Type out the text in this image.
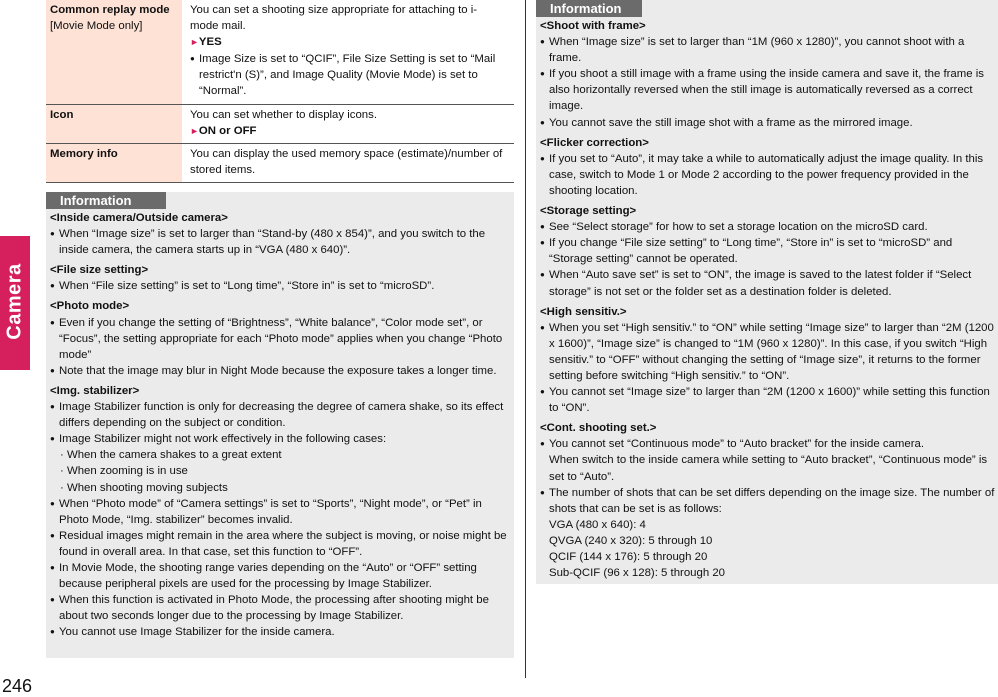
Camera
246
Common replay mode
[Movie Mode only]	You can set a shooting size appropriate for attaching to i-mode mail.
►YES
● Image Size is set to “QCIF”, File Size Setting is set to “Mail restrict'n (S)”, and Image Quality (Movie Mode) is set to “Normal”.

Icon	You can set whether to display icons.
►ON or OFF

Memory info	You can display the used memory space (estimate)/number of stored items.
Information
<Inside camera/Outside camera>
● When “Image size” is set to larger than “Stand-by (480 x 854)”, and you switch to the inside camera, the camera starts up in “VGA (480 x 640)”.
<File size setting>
● When “File size setting” is set to “Long time”, “Store in” is set to “microSD”.
<Photo mode>
● Even if you change the setting of “Brightness”, “White balance”, “Color mode set”, or “Focus”, the setting appropriate for each “Photo mode” applies when you change “Photo mode”
● Note that the image may blur in Night Mode because the exposure takes a longer time.
<Img. stabilizer>
● Image Stabilizer function is only for decreasing the degree of camera shake, so its effect differs depending on the subject or condition.
● Image Stabilizer might not work effectively in the following cases:
· When the camera shakes to a great extent
· When zooming is in use
· When shooting moving subjects
● When “Photo mode” of “Camera settings” is set to “Sports”, “Night mode”, or “Pet” in Photo Mode, “Img. stabilizer” becomes invalid.
● Residual images might remain in the area where the subject is moving, or noise might be found in overall area. In that case, set this function to “OFF”.
● In Movie Mode, the shooting range varies depending on the “Auto” or “OFF” setting because peripheral pixels are used for the processing by Image Stabilizer.
● When this function is activated in Photo Mode, the processing after shooting might be about two seconds longer due to the processing by Image Stabilizer.
● You cannot use Image Stabilizer for the inside camera.
Information
<Shoot with frame>
● When “Image size” is set to larger than “1M (960 x 1280)”, you cannot shoot with a frame.
● If you shoot a still image with a frame using the inside camera and save it, the frame is also horizontally reversed when the still image is automatically reversed as a correct image.
● You cannot save the still image shot with a frame as the mirrored image.
<Flicker correction>
● If you set to “Auto”, it may take a while to automatically adjust the image quality. In this case, switch to Mode 1 or Mode 2 according to the power frequency provided in the shooting location.
<Storage setting>
● See “Select storage” for how to set a storage location on the microSD card.
● If you change “File size setting” to “Long time”, “Store in” is set to “microSD” and “Storage setting” cannot be operated.
● When “Auto save set” is set to “ON”, the image is saved to the latest folder if “Select storage” is not set or the folder set as a destination folder is deleted.
<High sensitiv.>
● When you set “High sensitiv.” to “ON” while setting “Image size” to larger than “2M (1200 x 1600)”, “Image size” is changed to “1M (960 x 1280)”. In this case, if you switch “High sensitiv.” to “OFF” without changing the setting of “Image size”, it returns to the former setting before switching “High sensitiv.” to “ON”.
● You cannot set “Image size” to larger than “2M (1200 x 1600)” while setting this function to “ON”.
<Cont. shooting set.>
● You cannot set “Continuous mode” to “Auto bracket” for the inside camera.
When switch to the inside camera while setting to “Auto bracket”, “Continuous mode” is set to “Auto”.
● The number of shots that can be set differs depending on the image size. The number of shots that can be set is as follows:
VGA (480 x 640): 4
QVGA (240 x 320): 5 through 10
QCIF (144 x 176): 5 through 20
Sub-QCIF (96 x 128): 5 through 20
